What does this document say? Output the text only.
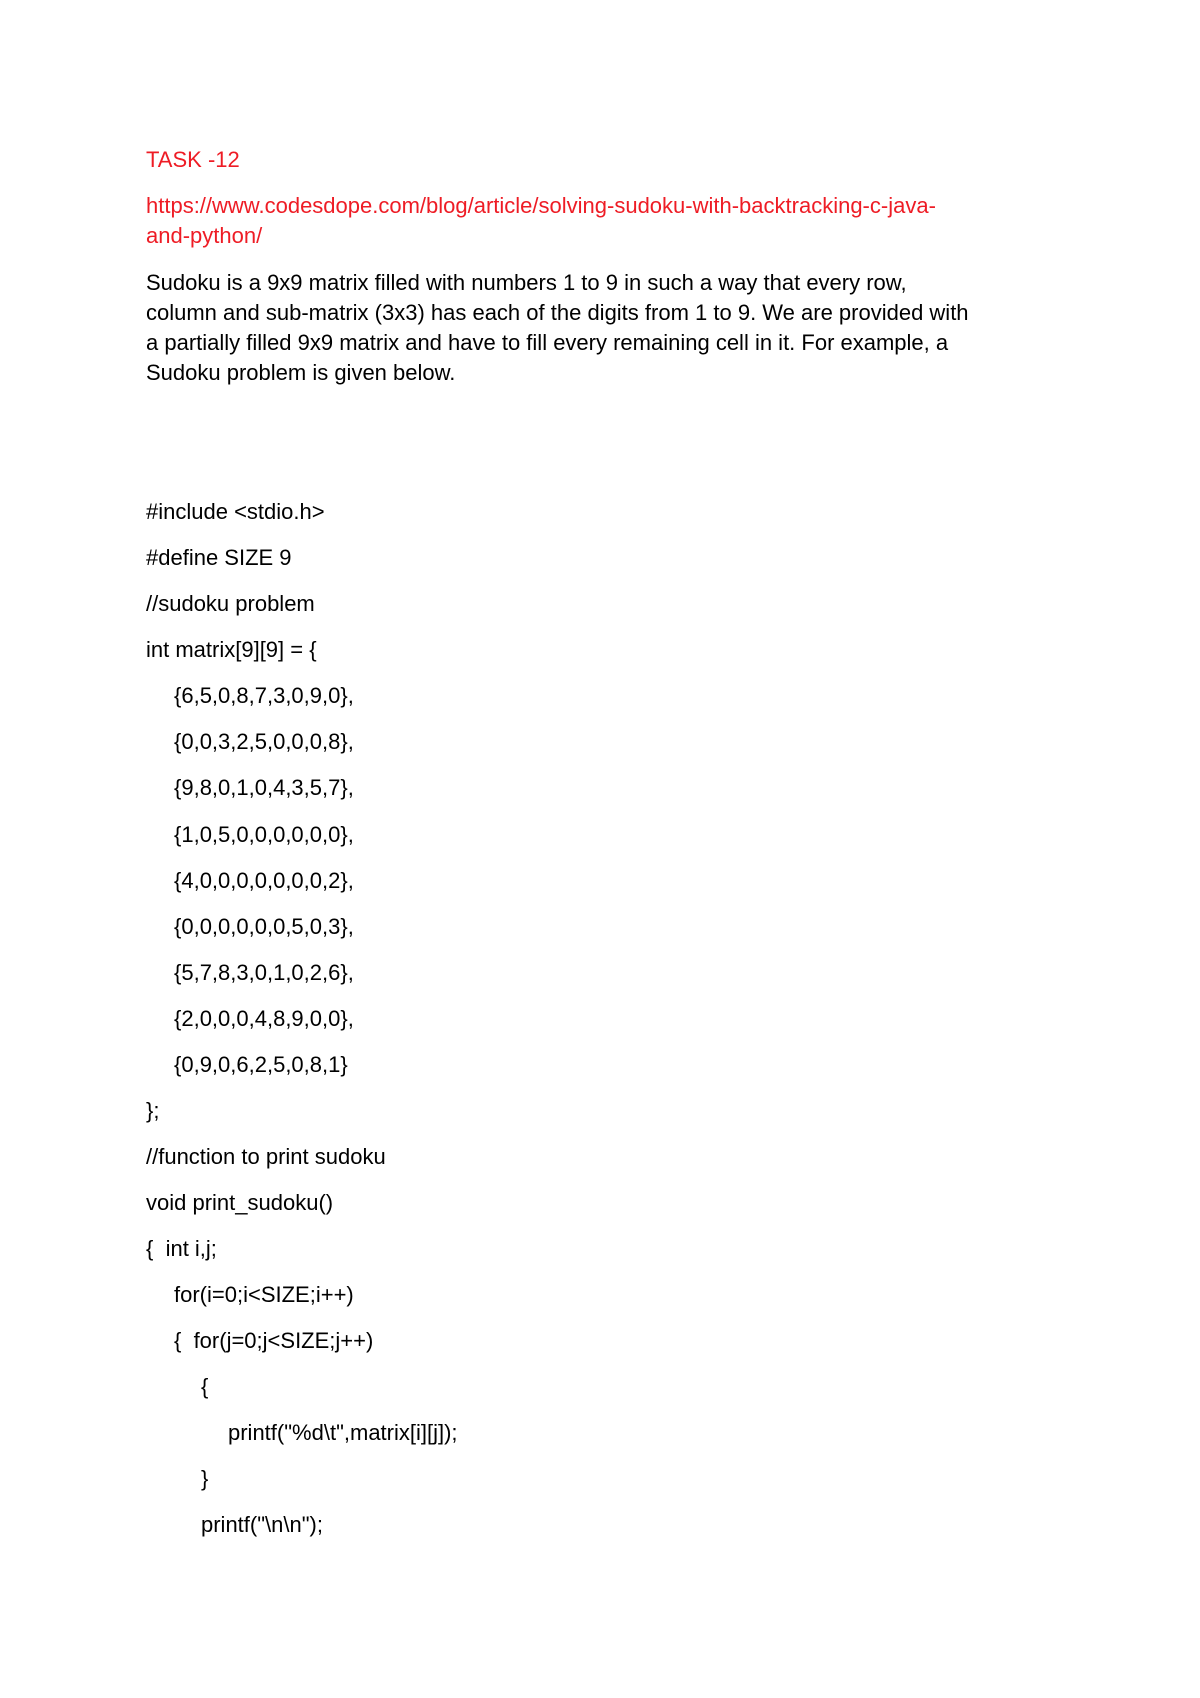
TASK -12
https://www.codesdope.com/blog/article/solving-sudoku-with-backtracking-c-java-
and-python/
Sudoku is a 9x9 matrix filled with numbers 1 to 9 in such a way that every row,
column and sub-matrix (3x3) has each of the digits from 1 to 9. We are provided with
a partially filled 9x9 matrix and have to fill every remaining cell in it. For example, a
Sudoku problem is given below.
#include <stdio.h>
#define SIZE 9
//sudoku problem
int matrix[9][9] = {
{6,5,0,8,7,3,0,9,0},
{0,0,3,2,5,0,0,0,8},
{9,8,0,1,0,4,3,5,7},
{1,0,5,0,0,0,0,0,0},
{4,0,0,0,0,0,0,0,2},
{0,0,0,0,0,0,5,0,3},
{5,7,8,3,0,1,0,2,6},
{2,0,0,0,4,8,9,0,0},
{0,9,0,6,2,5,0,8,1}
};
//function to print sudoku
void print_sudoku()
{  int i,j;
for(i=0;i<SIZE;i++)
{  for(j=0;j<SIZE;j++)
{
printf("%d\t",matrix[i][j]);
}
printf("\n\n");
